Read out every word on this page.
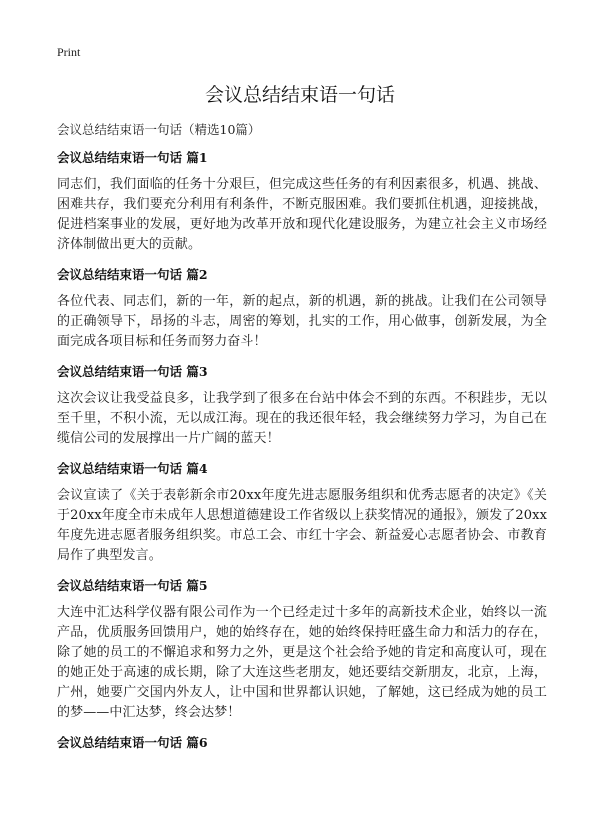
Print
会议总结结束语一句话
会议总结结束语一句话（精选10篇）
会议总结结束语一句话 篇1

同志们，我们面临的任务十分艰巨，但完成这些任务的有利因素很多，机遇、挑战、困难共存，我们要充分利用有利条件，不断克服困难。我们要抓住机遇，迎接挑战，促进档案事业的发展，更好地为改革开放和现代化建设服务，为建立社会主义市场经济体制做出更大的贡献。

会议总结结束语一句话 篇2

各位代表、同志们，新的一年，新的起点，新的机遇，新的挑战。让我们在公司领导的正确领导下，昂扬的斗志，周密的筹划，扎实的工作，用心做事，创新发展，为全面完成各项目标和任务而努力奋斗！

会议总结结束语一句话 篇3

这次会议让我受益良多，让我学到了很多在台站中体会不到的东西。不积跬步，无以至千里，不积小流，无以成江海。现在的我还很年轻，我会继续努力学习，为自己在缆信公司的发展撑出一片广阔的蓝天！

会议总结结束语一句话 篇4

会议宣读了《关于表彰新余市20xx年度先进志愿服务组织和优秀志愿者的决定》《关于20xx年度全市未成年人思想道德建设工作省级以上获奖情况的通报》，颁发了20xx年度先进志愿者服务组织奖。市总工会、市红十字会、新益爱心志愿者协会、市教育局作了典型发言。

会议总结结束语一句话 篇5

大连中汇达科学仪器有限公司作为一个已经走过十多年的高新技术企业，始终以一流产品，优质服务回馈用户，她的始终存在，她的始终保持旺盛生命力和活力的存在，除了她的员工的不懈追求和努力之外，更是这个社会给予她的肯定和高度认可，现在的她正处于高速的成长期，除了大连这些老朋友，她还要结交新朋友，北京，上海，广州，她要广交国内外友人，让中国和世界都认识她，了解她，这已经成为她的员工的梦——中汇达梦，终会达梦！

会议总结结束语一句话 篇6
